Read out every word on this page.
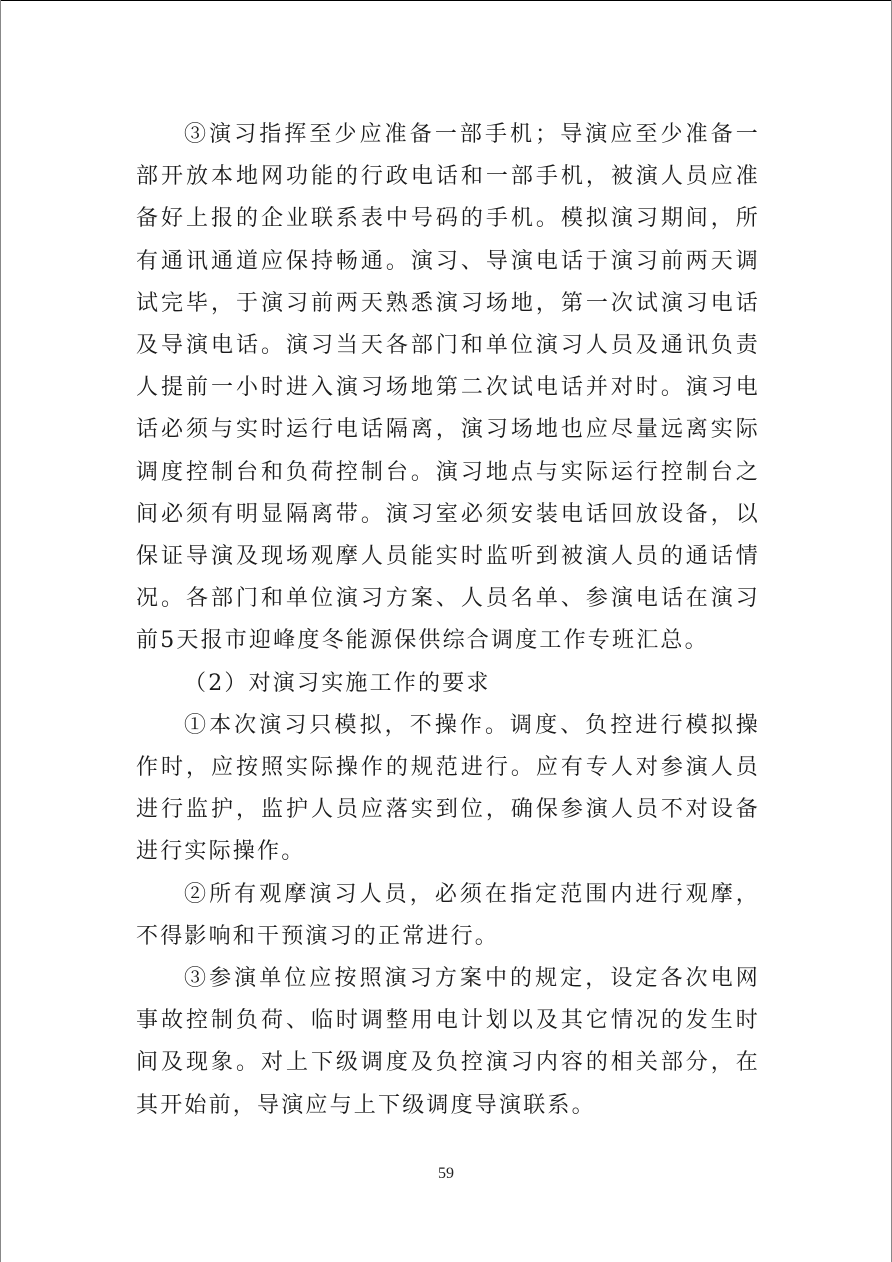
③演习指挥至少应准备一部手机；导演应至少准备一部开放本地网功能的行政电话和一部手机，被演人员应准备好上报的企业联系表中号码的手机。模拟演习期间，所有通讯通道应保持畅通。演习、导演电话于演习前两天调试完毕，于演习前两天熟悉演习场地，第一次试演习电话及导演电话。演习当天各部门和单位演习人员及通讯负责人提前一小时进入演习场地第二次试电话并对时。演习电话必须与实时运行电话隔离，演习场地也应尽量远离实际调度控制台和负荷控制台。演习地点与实际运行控制台之间必须有明显隔离带。演习室必须安装电话回放设备，以保证导演及现场观摩人员能实时监听到被演人员的通话情况。各部门和单位演习方案、人员名单、参演电话在演习前5天报市迎峰度冬能源保供综合调度工作专班汇总。

（2）对演习实施工作的要求

①本次演习只模拟，不操作。调度、负控进行模拟操作时，应按照实际操作的规范进行。应有专人对参演人员进行监护，监护人员应落实到位，确保参演人员不对设备进行实际操作。

②所有观摩演习人员，必须在指定范围内进行观摩，不得影响和干预演习的正常进行。

③参演单位应按照演习方案中的规定，设定各次电网事故控制负荷、临时调整用电计划以及其它情况的发生时间及现象。对上下级调度及负控演习内容的相关部分，在其开始前，导演应与上下级调度导演联系。

59
